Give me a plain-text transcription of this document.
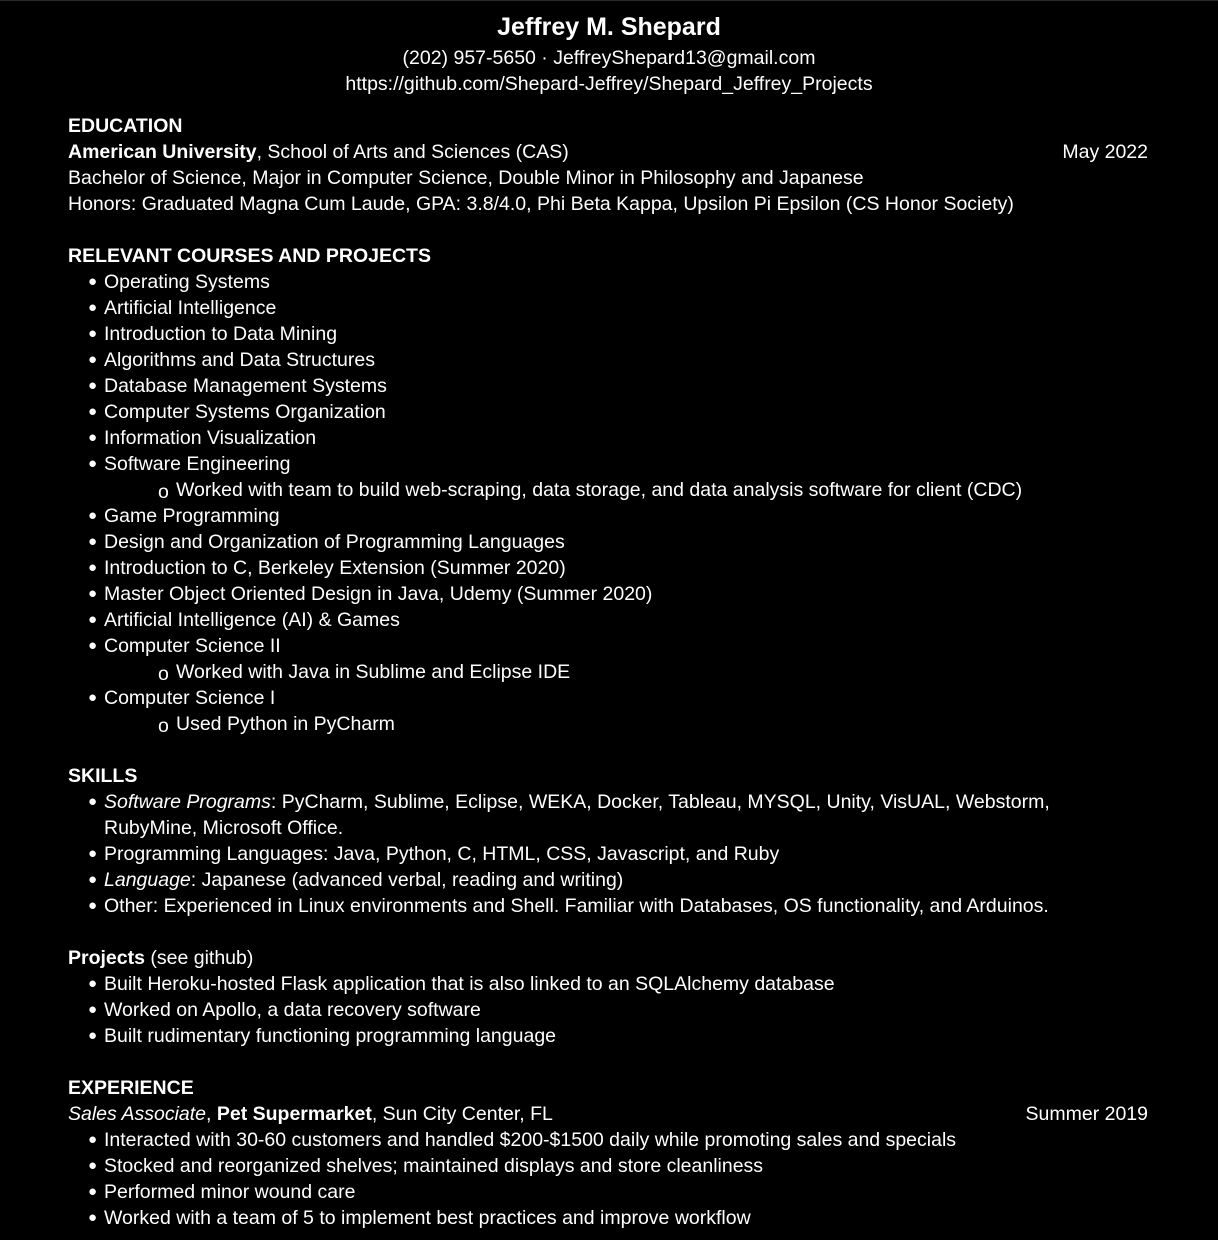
Jeffrey M. Shepard
(202) 957-5650 · JeffreyShepard13@gmail.com
https://github.com/Shepard-Jeffrey/Shepard_Jeffrey_Projects
EDUCATION
American University, School of Arts and Sciences (CAS)	May 2022
Bachelor of Science, Major in Computer Science, Double Minor in Philosophy and Japanese
Honors: Graduated Magna Cum Laude, GPA: 3.8/4.0, Phi Beta Kappa, Upsilon Pi Epsilon (CS Honor Society)
RELEVANT COURSES AND PROJECTS
● Operating Systems
● Artificial Intelligence
● Introduction to Data Mining
● Algorithms and Data Structures
● Database Management Systems
● Computer Systems Organization
● Information Visualization
● Software Engineering
o Worked with team to build web-scraping, data storage, and data analysis software for client (CDC)
● Game Programming
● Design and Organization of Programming Languages
● Introduction to C, Berkeley Extension (Summer 2020)
● Master Object Oriented Design in Java, Udemy (Summer 2020)
● Artificial Intelligence (AI) & Games
● Computer Science II
o Worked with Java in Sublime and Eclipse IDE
● Computer Science I
o Used Python in PyCharm
SKILLS
● Software Programs: PyCharm, Sublime, Eclipse, WEKA, Docker, Tableau, MYSQL, Unity, VisUAL, Webstorm,
RubyMine, Microsoft Office.
● Programming Languages: Java, Python, C, HTML, CSS, Javascript, and Ruby
● Language: Japanese (advanced verbal, reading and writing)
● Other: Experienced in Linux environments and Shell. Familiar with Databases, OS functionality, and Arduinos.
Projects (see github)
● Built Heroku-hosted Flask application that is also linked to an SQLAlchemy database
● Worked on Apollo, a data recovery software
● Built rudimentary functioning programming language
EXPERIENCE
Sales Associate, Pet Supermarket, Sun City Center, FL	Summer 2019
● Interacted with 30-60 customers and handled $200-$1500 daily while promoting sales and specials
● Stocked and reorganized shelves; maintained displays and store cleanliness
● Performed minor wound care
● Worked with a team of 5 to implement best practices and improve workflow
